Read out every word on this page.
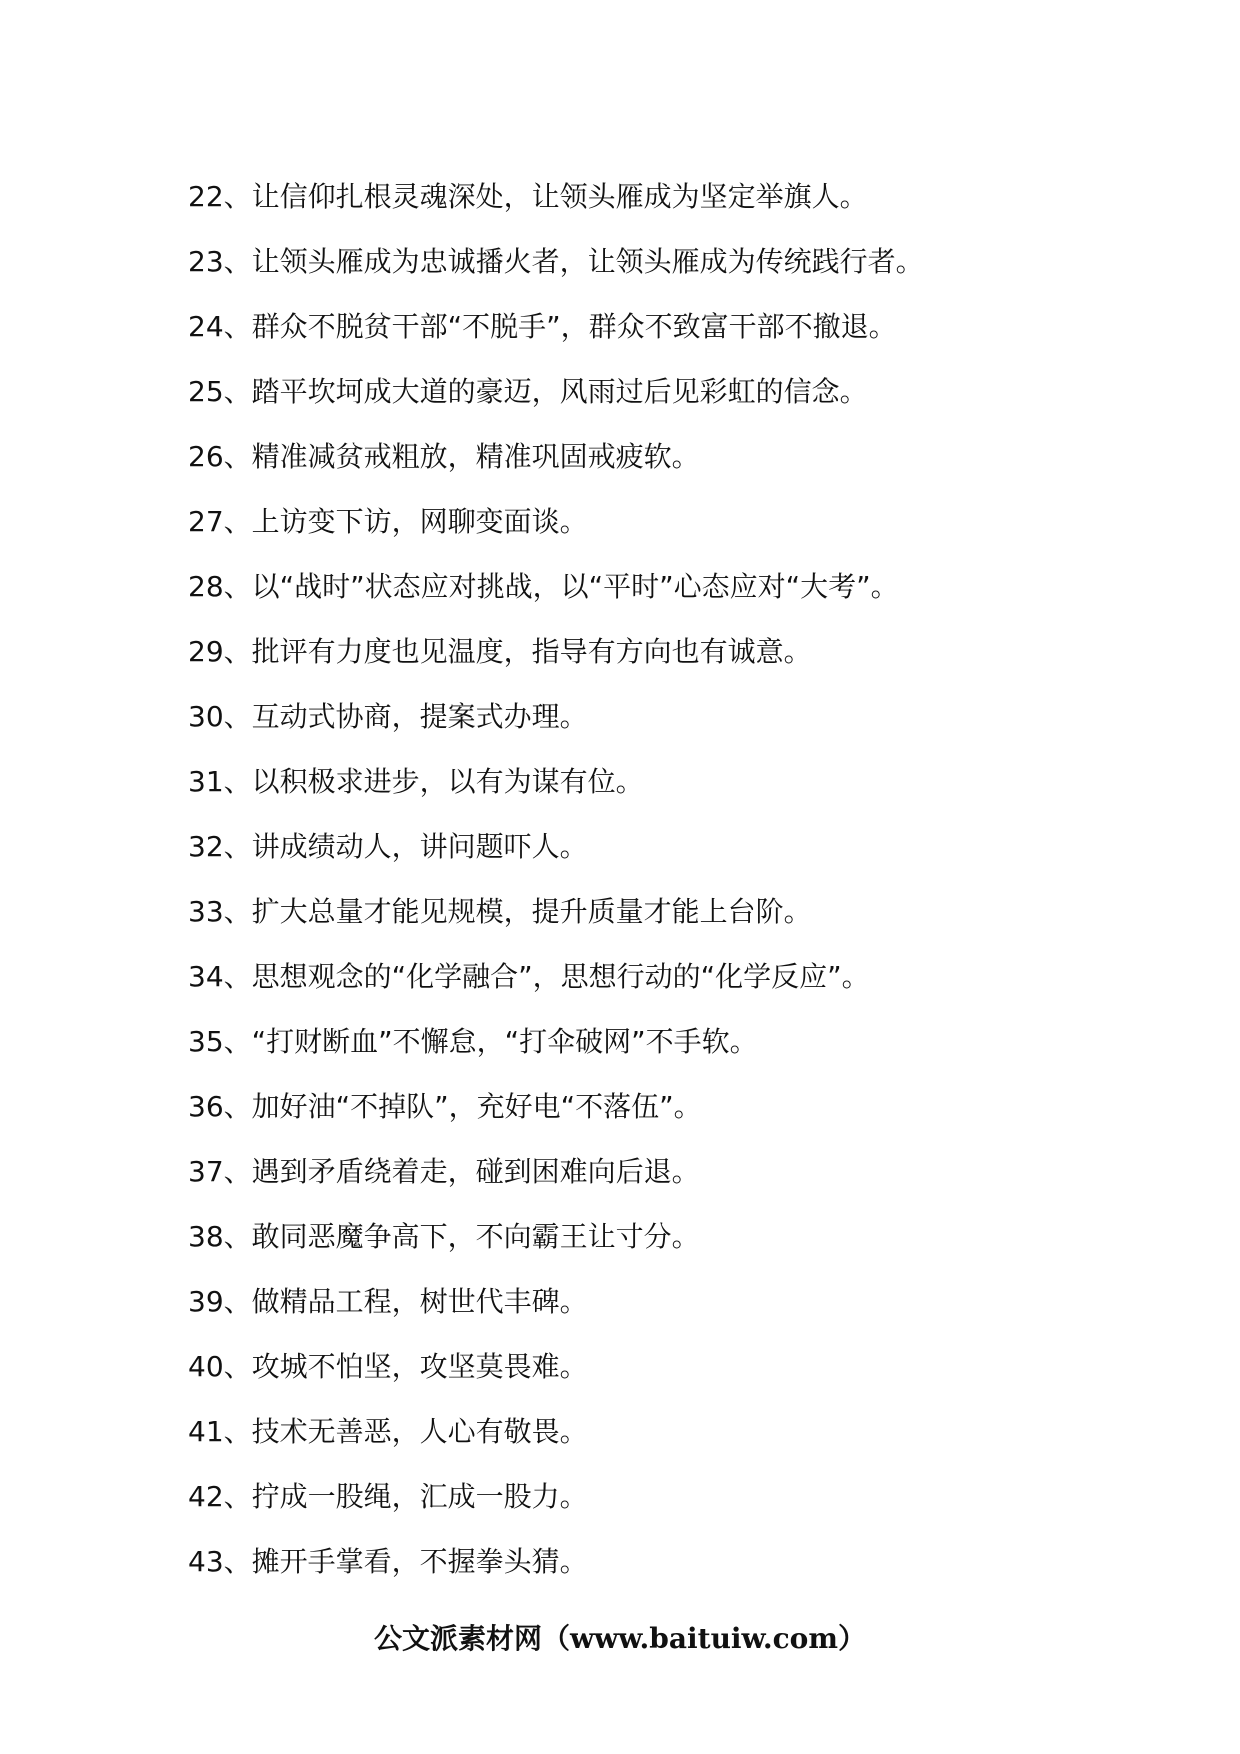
22、让信仰扎根灵魂深处，让领头雁成为坚定举旗人。
23、让领头雁成为忠诚播火者，让领头雁成为传统践行者。
24、群众不脱贫干部“不脱手”，群众不致富干部不撤退。
25、踏平坎坷成大道的豪迈，风雨过后见彩虹的信念。
26、精准减贫戒粗放，精准巩固戒疲软。
27、上访变下访，网聊变面谈。
28、以“战时”状态应对挑战，以“平时”心态应对“大考”。
29、批评有力度也见温度，指导有方向也有诚意。
30、互动式协商，提案式办理。
31、以积极求进步，以有为谋有位。
32、讲成绩动人，讲问题吓人。
33、扩大总量才能见规模，提升质量才能上台阶。
34、思想观念的“化学融合”，思想行动的“化学反应”。
35、“打财断血”不懈怠，“打伞破网”不手软。
36、加好油“不掉队”，充好电“不落伍”。
37、遇到矛盾绕着走，碰到困难向后退。
38、敢同恶魔争高下，不向霸王让寸分。
39、做精品工程，树世代丰碑。
40、攻城不怕坚，攻坚莫畏难。
41、技术无善恶，人心有敬畏。
42、拧成一股绳，汇成一股力。
43、摊开手掌看，不握拳头猜。
公文派素材网（www.baituiw.com）
